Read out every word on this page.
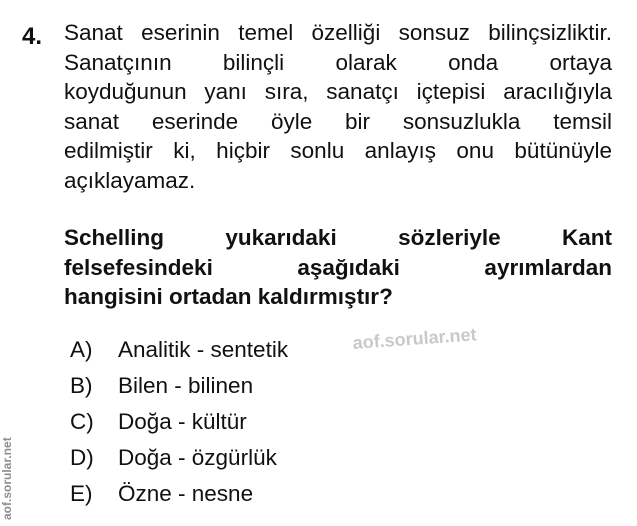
4. Sanat eserinin temel özelliği sonsuz bilinçsizliktir.
Sanatçının bilinçli olarak onda ortaya
koyduğunun yanı sıra, sanatçı içtepisi aracılığıyla
sanat eserinde öyle bir sonsuzlukla temsil
edilmiştir ki, hiçbir sonlu anlayış onu bütünüyle
açıklayamaz.
Schelling yukarıdaki sözleriyle Kant
felsefesindeki aşağıdaki ayrımlardan
hangisini ortadan kaldırmıştır?
aof.sorular.net
A)	Analitik - sentetik
B)	Bilen - bilinen
C)	Doğa - kültür
D)	Doğa - özgürlük
E)	Özne - nesne
aof.sorular.net
